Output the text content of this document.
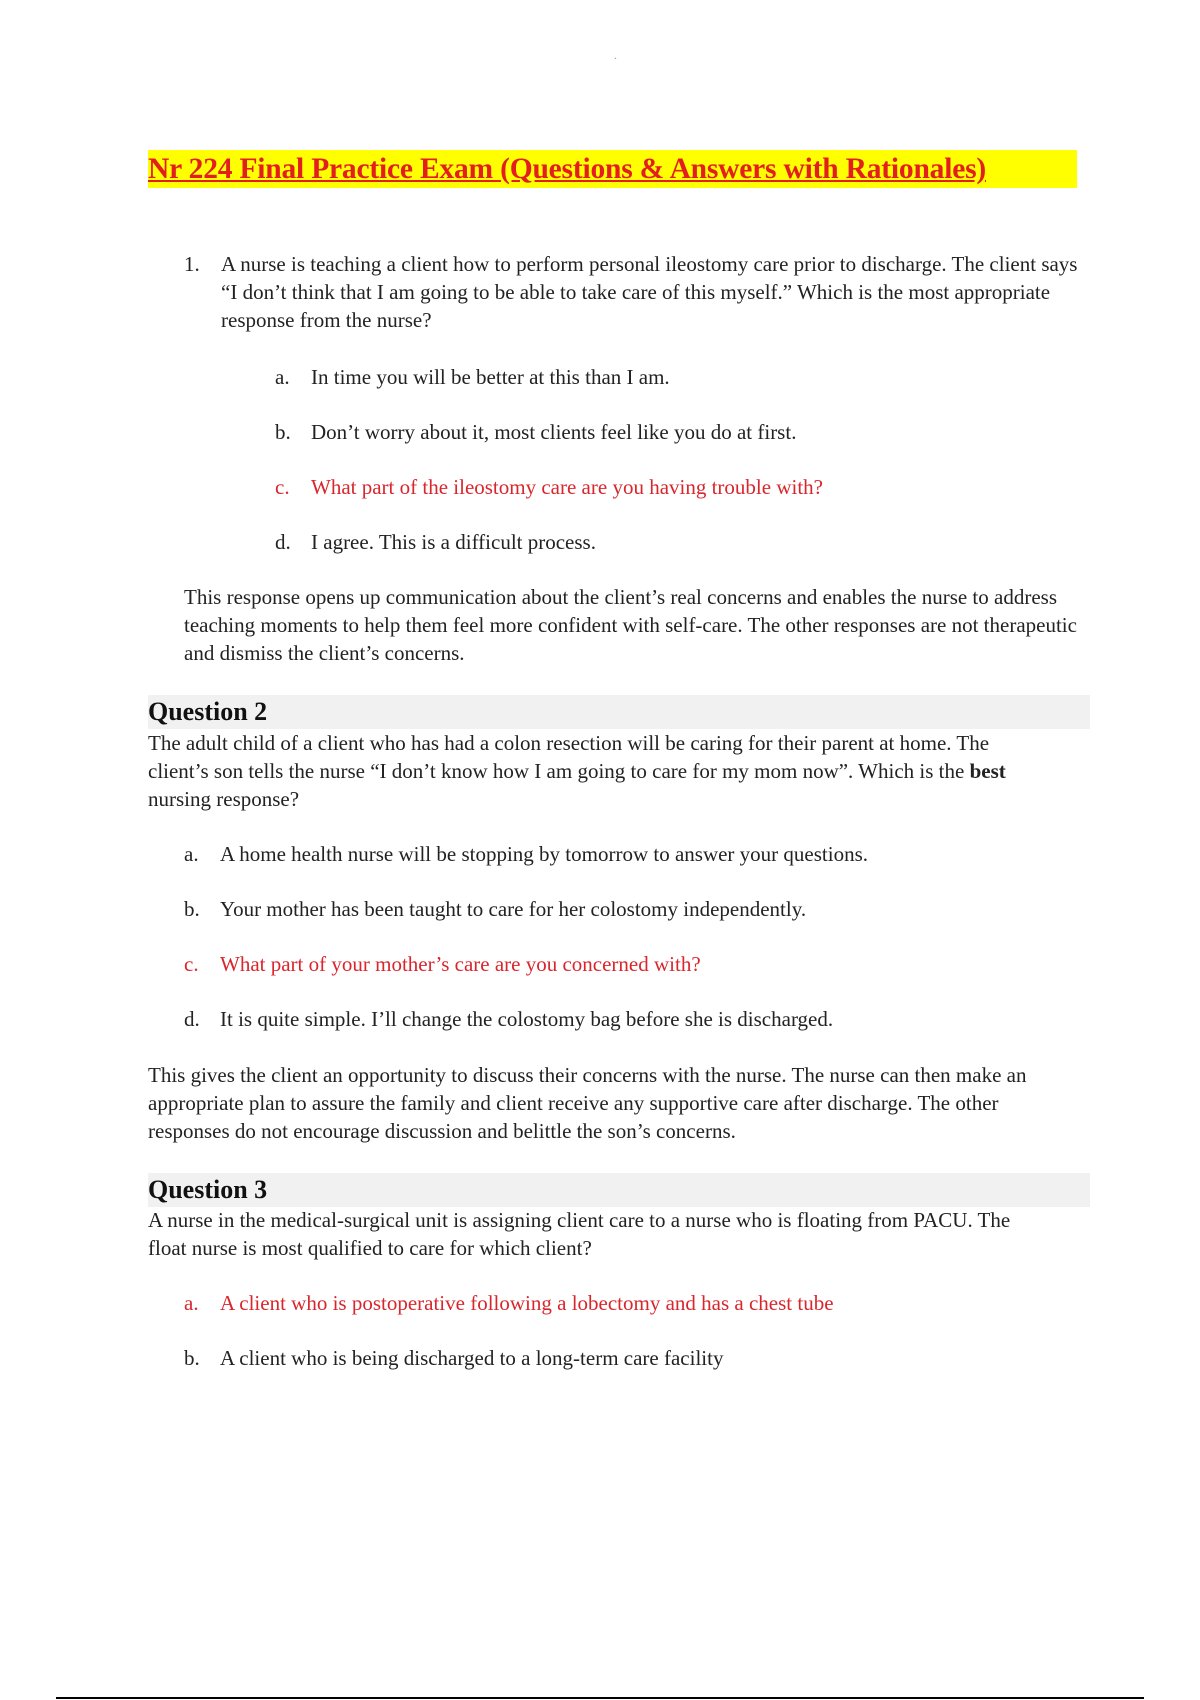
.
Nr 224 Final Practice Exam (Questions & Answers with Rationales)
1. A nurse is teaching a client how to perform personal ileostomy care prior to discharge. The client says “I don’t think that I am going to be able to take care of this myself.” Which is the most appropriate response from the nurse?
a. In time you will be better at this than I am.
b. Don’t worry about it, most clients feel like you do at first.
c. What part of the ileostomy care are you having trouble with?
d. I agree. This is a difficult process.
This response opens up communication about the client’s real concerns and enables the nurse to address teaching moments to help them feel more confident with self-care. The other responses are not therapeutic and dismiss the client’s concerns.
Question 2
The adult child of a client who has had a colon resection will be caring for their parent at home. The client’s son tells the nurse “I don’t know how I am going to care for my mom now”. Which is the best nursing response?
a. A home health nurse will be stopping by tomorrow to answer your questions.
b. Your mother has been taught to care for her colostomy independently.
c. What part of your mother’s care are you concerned with?
d. It is quite simple. I’ll change the colostomy bag before she is discharged.
This gives the client an opportunity to discuss their concerns with the nurse. The nurse can then make an appropriate plan to assure the family and client receive any supportive care after discharge. The other responses do not encourage discussion and belittle the son’s concerns.
Question 3
A nurse in the medical-surgical unit is assigning client care to a nurse who is floating from PACU. The float nurse is most qualified to care for which client?
a. A client who is postoperative following a lobectomy and has a chest tube
b. A client who is being discharged to a long-term care facility
